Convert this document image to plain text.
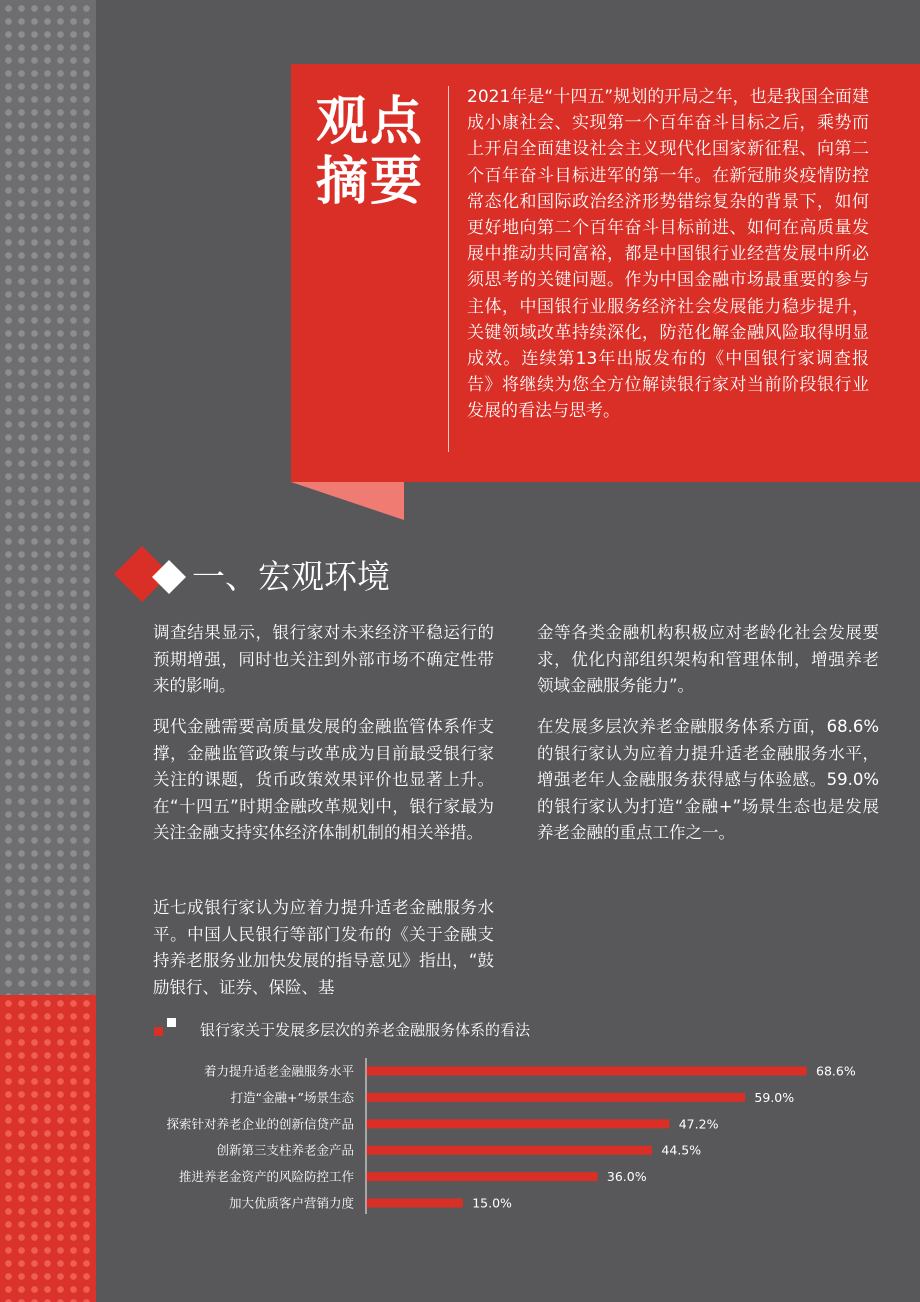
观点
摘要

2021年是“十四五”规划的开局之年，也是我国全面建成小康社会、实现第一个百年奋斗目标之后，乘势而上开启全面建设社会主义现代化国家新征程、向第二个百年奋斗目标进军的第一年。在新冠肺炎疫情防控常态化和国际政治经济形势错综复杂的背景下，如何更好地向第二个百年奋斗目标前进、如何在高质量发展中推动共同富裕，都是中国银行业经营发展中所必须思考的关键问题。作为中国金融市场最重要的参与主体，中国银行业服务经济社会发展能力稳步提升，关键领域改革持续深化，防范化解金融风险取得明显成效。连续第13年出版发布的《中国银行家调查报告》将继续为您全方位解读银行家对当前阶段银行业发展的看法与思考。

一、宏观环境

调查结果显示，银行家对未来经济平稳运行的预期增强，同时也关注到外部市场不确定性带来的影响。

现代金融需要高质量发展的金融监管体系作支撑，金融监管政策与改革成为目前最受银行家关注的课题，货币政策效果评价也显著上升。在“十四五”时期金融改革规划中，银行家最为关注金融支持实体经济体制机制的相关举措。

近七成银行家认为应着力提升适老金融服务水平。中国人民银行等部门发布的《关于金融支持养老服务业加快发展的指导意见》指出，“鼓励银行、证券、保险、基

金等各类金融机构积极应对老龄化社会发展要求，优化内部组织架构和管理体制，增强养老领域金融服务能力”。

在发展多层次养老金融服务体系方面，68.6%的银行家认为应着力提升适老金融服务水平，增强老年人金融服务获得感与体验感。59.0%的银行家认为打造“金融+”场景生态也是发展养老金融的重点工作之一。

银行家关于发展多层次的养老金融服务体系的看法
着力提升适老金融服务水平	68.6%
打造“金融+”场景生态	59.0%
探索针对养老企业的创新信贷产品	47.2%
创新第三支柱养老金产品	44.5%
推进养老金资产的风险防控工作	36.0%
加大优质客户营销力度	15.0%
